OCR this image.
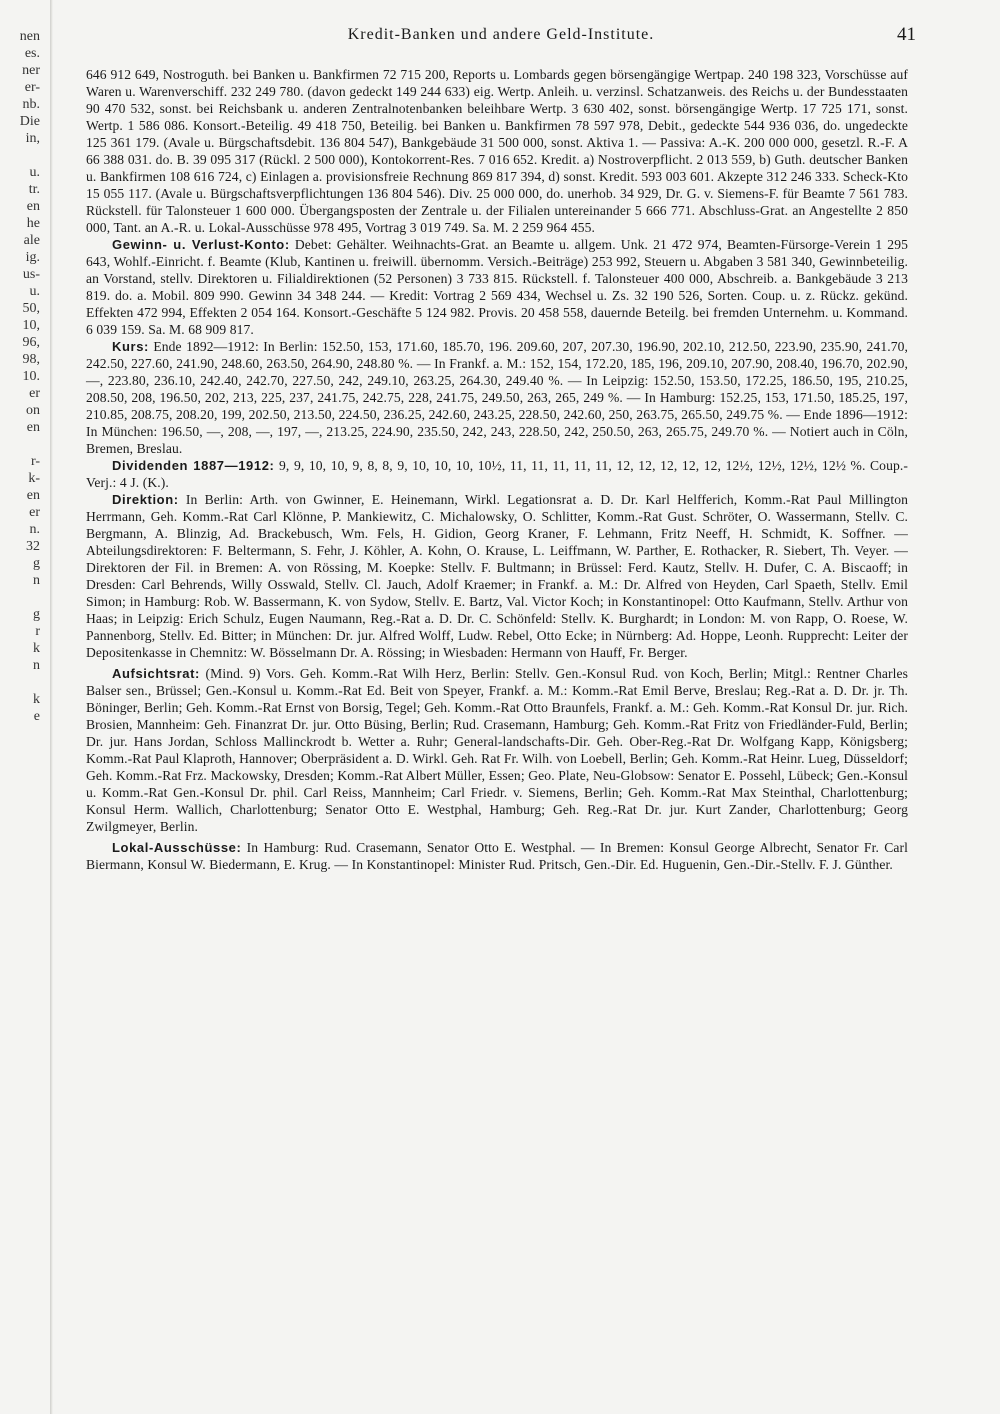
nen
es.
ner
er-
nb.
Die
in,

u.
tr.
en
he
ale
ig.
us-
u.
50,
10,
96,
98,
10.
er
on
en

r-
k-
en
er
n.
32
g
n

g
r
k
n

k
e

Kredit-Banken und andere Geld-Institute.	41

646 912 649, Nostroguth. bei Banken u. Bankfirmen 72 715 200, Reports u. Lombards gegen börsengängige Wertpap. 240 198 323, Vorschüsse auf Waren u. Warenverschiff. 232 249 780. (davon gedeckt 149 244 633) eig. Wertp. Anleih. u. verzinsl. Schatzanweis. des Reichs u. der Bundesstaaten 90 470 532, sonst. bei Reichsbank u. anderen Zentralnotenbanken beleihbare Wertp. 3 630 402, sonst. börsengängige Wertp. 17 725 171, sonst. Wertp. 1 586 086. Konsort.-Beteilig. 49 418 750, Beteilig. bei Banken u. Bankfirmen 78 597 978, Debit., gedeckte 544 936 036, do. ungedeckte 125 361 179. (Avale u. Bürgschaftsdebit. 136 804 547), Bankgebäude 31 500 000, sonst. Aktiva 1. — Passiva: A.-K. 200 000 000, gesetzl. R.-F. A 66 388 031. do. B. 39 095 317 (Rückl. 2 500 000), Kontokorrent-Res. 7 016 652. Kredit. a) Nostroverpflicht. 2 013 559, b) Guth. deutscher Banken u. Bankfirmen 108 616 724, c) Einlagen a. provisionsfreie Rechnung 869 817 394, d) sonst. Kredit. 593 003 601. Akzepte 312 246 333. Scheck-Kto 15 055 117. (Avale u. Bürgschaftsverpflichtungen 136 804 546). Div. 25 000 000, do. unerhob. 34 929, Dr. G. v. Siemens-F. für Beamte 7 561 783. Rückstell. für Talonsteuer 1 600 000. Übergangsposten der Zentrale u. der Filialen untereinander 5 666 771. Abschluss-Grat. an Angestellte 2 850 000, Tant. an A.-R. u. Lokal-Ausschüsse 978 495, Vortrag 3 019 749. Sa. M. 2 259 964 455.

Gewinn- u. Verlust-Konto: Debet: Gehälter. Weihnachts-Grat. an Beamte u. allgem. Unk. 21 472 974, Beamten-Fürsorge-Verein 1 295 643, Wohlf.-Einricht. f. Beamte (Klub, Kantinen u. freiwill. übernomm. Versich.-Beiträge) 253 992, Steuern u. Abgaben 3 581 340, Gewinnbeteilig. an Vorstand, stellv. Direktoren u. Filialdirektionen (52 Personen) 3 733 815. Rückstell. f. Talonsteuer 400 000, Abschreib. a. Bankgebäude 3 213 819. do. a. Mobil. 809 990. Gewinn 34 348 244. — Kredit: Vortrag 2 569 434, Wechsel u. Zs. 32 190 526, Sorten. Coup. u. z. Rückz. gekünd. Effekten 472 994, Effekten 2 054 164. Konsort.-Geschäfte 5 124 982. Provis. 20 458 558, dauernde Beteilg. bei fremden Unternehm. u. Kommand. 6 039 159. Sa. M. 68 909 817.

Kurs: Ende 1892—1912: In Berlin: 152.50, 153, 171.60, 185.70, 196. 209.60, 207, 207.30, 196.90, 202.10, 212.50, 223.90, 235.90, 241.70, 242.50, 227.60, 241.90, 248.60, 263.50, 264.90, 248.80 %. — In Frankf. a. M.: 152, 154, 172.20, 185, 196, 209.10, 207.90, 208.40, 196.70, 202.90, —, 223.80, 236.10, 242.40, 242.70, 227.50, 242, 249.10, 263.25, 264.30, 249.40 %. — In Leipzig: 152.50, 153.50, 172.25, 186.50, 195, 210.25, 208.50, 208, 196.50, 202, 213, 225, 237, 241.75, 242.75, 228, 241.75, 249.50, 263, 265, 249 %. — In Hamburg: 152.25, 153, 171.50, 185.25, 197, 210.85, 208.75, 208.20, 199, 202.50, 213.50, 224.50, 236.25, 242.60, 243.25, 228.50, 242.60, 250, 263.75, 265.50, 249.75 %. — Ende 1896—1912: In München: 196.50, —, 208, —, 197, —, 213.25, 224.90, 235.50, 242, 243, 228.50, 242, 250.50, 263, 265.75, 249.70 %. — Notiert auch in Cöln, Bremen, Breslau.

Dividenden 1887—1912: 9, 9, 10, 10, 9, 8, 8, 9, 10, 10, 10, 10½, 11, 11, 11, 11, 11, 12, 12, 12, 12, 12, 12½, 12½, 12½, 12½ %. Coup.-Verj.: 4 J. (K.).

Direktion: In Berlin: Arth. von Gwinner, E. Heinemann, Wirkl. Legationsrat a. D. Dr. Karl Helfferich, Komm.-Rat Paul Millington Herrmann, Geh. Komm.-Rat Carl Klönne, P. Mankiewitz, C. Michalowsky, O. Schlitter, Komm.-Rat Gust. Schröter, O. Wassermann, Stellv. C. Bergmann, A. Blinzig, Ad. Brackebusch, Wm. Fels, H. Gidion, Georg Kraner, F. Lehmann, Fritz Neeff, H. Schmidt, K. Soffner. — Abteilungsdirektoren: F. Beltermann, S. Fehr, J. Köhler, A. Kohn, O. Krause, L. Leiffmann, W. Parther, E. Rothacker, R. Siebert, Th. Veyer. — Direktoren der Fil. in Bremen: A. von Rössing, M. Koepke: Stellv. F. Bultmann; in Brüssel: Ferd. Kautz, Stellv. H. Dufer, C. A. Biscaoff; in Dresden: Carl Behrends, Willy Osswald, Stellv. Cl. Jauch, Adolf Kraemer; in Frankf. a. M.: Dr. Alfred von Heyden, Carl Spaeth, Stellv. Emil Simon; in Hamburg: Rob. W. Bassermann, K. von Sydow, Stellv. E. Bartz, Val. Victor Koch; in Konstantinopel: Otto Kaufmann, Stellv. Arthur von Haas; in Leipzig: Erich Schulz, Eugen Naumann, Reg.-Rat a. D. Dr. C. Schönfeld: Stellv. K. Burghardt; in London: M. von Rapp, O. Roese, W. Pannenborg, Stellv. Ed. Bitter; in München: Dr. jur. Alfred Wolff, Ludw. Rebel, Otto Ecke; in Nürnberg: Ad. Hoppe, Leonh. Rupprecht: Leiter der Depositenkasse in Chemnitz: W. Bösselmann Dr. A. Rössing; in Wiesbaden: Hermann von Hauff, Fr. Berger.

Aufsichtsrat: (Mind. 9) Vors. Geh. Komm.-Rat Wilh Herz, Berlin: Stellv. Gen.-Konsul Rud. von Koch, Berlin; Mitgl.: Rentner Charles Balser sen., Brüssel; Gen.-Konsul u. Komm.-Rat Ed. Beit von Speyer, Frankf. a. M.: Komm.-Rat Emil Berve, Breslau; Reg.-Rat a. D. Dr. jr. Th. Böninger, Berlin; Geh. Komm.-Rat Ernst von Borsig, Tegel; Geh. Komm.-Rat Otto Braunfels, Frankf. a. M.: Geh. Komm.-Rat Konsul Dr. jur. Rich. Brosien, Mannheim: Geh. Finanzrat Dr. jur. Otto Büsing, Berlin; Rud. Crasemann, Hamburg; Geh. Komm.-Rat Fritz von Friedländer-Fuld, Berlin; Dr. jur. Hans Jordan, Schloss Mallinckrodt b. Wetter a. Ruhr; General-landschafts-Dir. Geh. Ober-Reg.-Rat Dr. Wolfgang Kapp, Königsberg; Komm.-Rat Paul Klaproth, Hannover; Oberpräsident a. D. Wirkl. Geh. Rat Fr. Wilh. von Loebell, Berlin; Geh. Komm.-Rat Heinr. Lueg, Düsseldorf; Geh. Komm.-Rat Frz. Mackowsky, Dresden; Komm.-Rat Albert Müller, Essen; Geo. Plate, Neu-Globsow: Senator E. Possehl, Lübeck; Gen.-Konsul u. Komm.-Rat Gen.-Konsul Dr. phil. Carl Reiss, Mannheim; Carl Friedr. v. Siemens, Berlin; Geh. Komm.-Rat Max Steinthal, Charlottenburg; Konsul Herm. Wallich, Charlottenburg; Senator Otto E. Westphal, Hamburg; Geh. Reg.-Rat Dr. jur. Kurt Zander, Charlottenburg; Georg Zwilgmeyer, Berlin.

Lokal-Ausschüsse: In Hamburg: Rud. Crasemann, Senator Otto E. Westphal. — In Bremen: Konsul George Albrecht, Senator Fr. Carl Biermann, Konsul W. Biedermann, E. Krug. — In Konstantinopel: Minister Rud. Pritsch, Gen.-Dir. Ed. Huguenin, Gen.-Dir.-Stellv. F. J. Günther.
